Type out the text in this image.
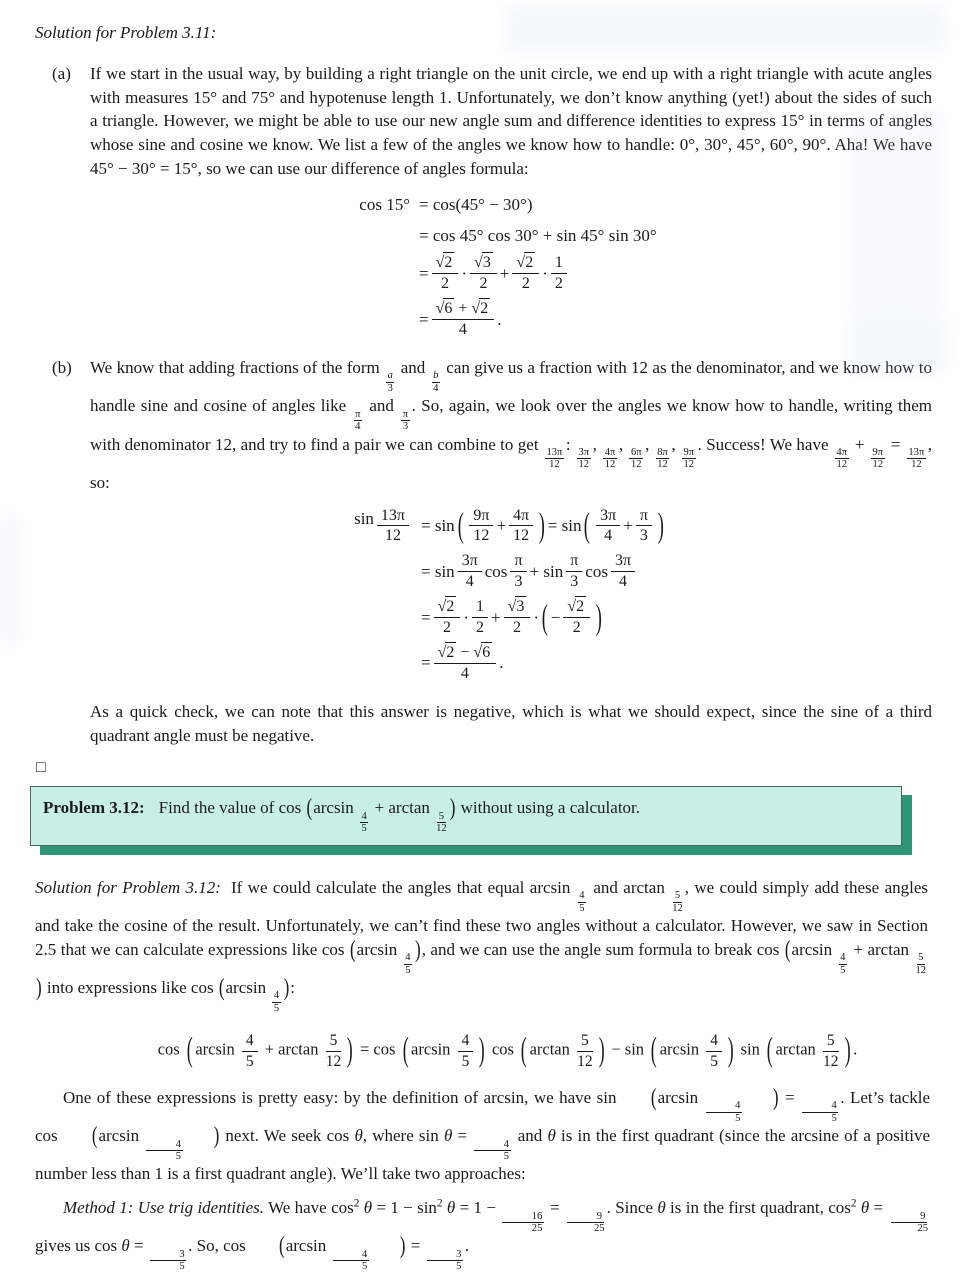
Solution for Problem 3.11:
(a)	If we start in the usual way, by building a right triangle on the unit circle, we end up with a right triangle with acute angles with measures 15° and 75° and hypotenuse length 1. Unfortunately, we don’t know anything (yet!) about the sides of such a triangle. However, we might be able to use our new angle sum and difference identities to express 15° in terms of angles whose sine and cosine we know. We list a few of the angles we know how to handle: 0°, 30°, 45°, 60°, 90°. Aha! We have 45° − 30° = 15°, so we can use our difference of angles formula:
cos 15° = cos(45° − 30°)
= cos 45° cos 30° + sin 45° sin 30°
=
√2
2
·
√3
2
+
√2
2
·
1
2
=
√6 + √2
4
.
(b)	We know that adding fractions of the form
$\frac{a}{3}$
and
$\frac{b}{4}$
can give us a fraction with 12 as the denominator, and we know how to handle sine and cosine of angles like
$\frac{\pi}{4}$
and
$\frac{\pi}{3}$
. So, again, we look over the angles we know how to handle, writing them with denominator 12, and try to find a pair we can combine to get
$\frac{13\pi}{12}$
:
$\frac{3\pi}{12}$
,
$\frac{4\pi}{12}$
,
$\frac{6\pi}{12}$
,
$\frac{8\pi}{12}$
,
$\frac{9\pi}{12}$
. Success! We have
$\frac{4\pi}{12}$
+
$\frac{9\pi}{12}$
=
$\frac{13\pi}{12}$
, so:
sin 13π
12
= sin ( 9π
12
+
4π
12 ) = sin ( 3π
4
+
π
3 )
= sin
3π
4
cos
π
3
+ sin
π
3
cos
3π
4
=
√2
2
·
1
2
+
√3
2
· ( −
√2
2 )
=
√2 − √6
4
.
As a quick check, we can note that this answer is negative, which is what we should expect, since the sine of a third quadrant angle must be negative.
□
Problem 3.12: Find the value of cos (arcsin
$\frac{4}{5}$
+ arctan
$\frac{5}{12}$
) without using a calculator.
Solution for Problem 3.12: If we could calculate the angles that equal arcsin
$\frac{4}{5}$
and arctan
$\frac{5}{12}$
, we could simply add these angles and take the cosine of the result. Unfortunately, we can’t find these two angles without a calculator. However, we saw in Section 2.5 that we can calculate expressions like cos (arcsin
$\frac{4}{5}$
), and we can use the angle sum formula to break cos (arcsin
$\frac{4}{5}$
+ arctan
$\frac{5}{12}$
) into expressions like cos (arcsin
$\frac{4}{5}$
):
cos ( $\arcsin \frac{4}{5} + \arctan \frac{5}{12}$ ) = cos ( $\arcsin \frac{4}{5}$ ) cos ( $\arctan \frac{5}{12}$ ) − sin ( $\arcsin \frac{4}{5}$ ) sin ( $\arctan \frac{5}{12}$ ) .
One of these expressions is pretty easy: by the definition of arcsin, we have sin (arcsin
$\frac{4}{5}$
) =
$\frac{4}{5}$
. Let’s tackle cos (arcsin
$\frac{4}{5}$
) next. We seek cos θ, where sin θ =
$\frac{4}{5}$
and θ is in the first quadrant (since the arcsine of a positive number less than 1 is a first quadrant angle). We’ll take two approaches:
Method 1: Use trig identities. We have $\cos^2 \theta = 1 - \sin^2 \theta = 1$ −
$\frac{16}{25}$
=
$\frac{9}{25}$
. Since θ is in the first quadrant, $\cos^2 \theta$ =
$\frac{9}{25}$
gives us cos θ =
$\frac{3}{5}$
. So, cos (arcsin
$\frac{4}{5}$
) =
$\frac{3}{5}$
.
